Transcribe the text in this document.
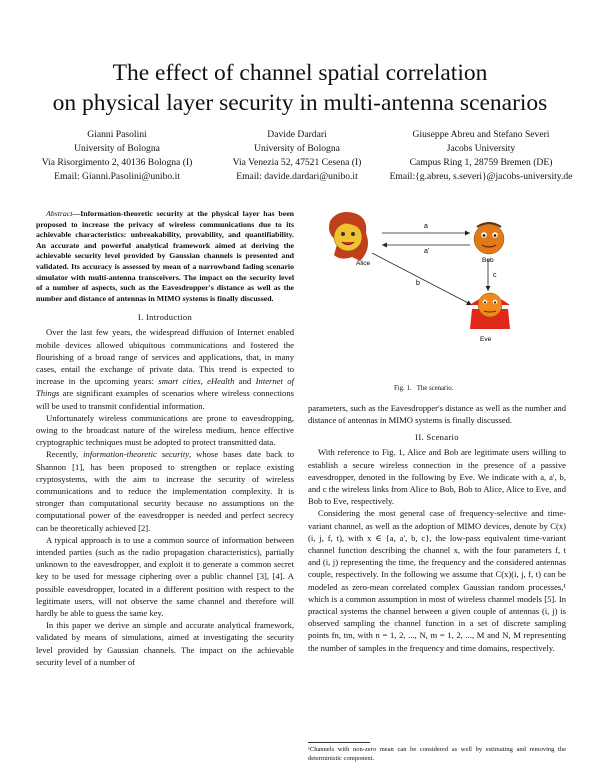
The effect of channel spatial correlation
on physical layer security in multi-antenna scenarios
Gianni Pasolini
University of Bologna
Via Risorgimento 2, 40136 Bologna (I)
Email: Gianni.Pasolini@unibo.it
Davide Dardari
University of Bologna
Via Venezia 52, 47521 Cesena (I)
Email: davide.dardari@unibo.it
Giuseppe Abreu and Stefano Severi
Jacobs University
Campus Ring 1, 28759 Bremen (DE)
Email:{g.abreu, s.severi}@jacobs-university.de
Abstract—Information-theoretic security at the physical layer has been proposed to increase the privacy of wireless communications due to its achievable characteristics: unbreakability, provability, and quantifiability. An accurate and powerful analytical framework aimed at deriving the achievable security level provided by Gaussian channels is presented and validated. Its accuracy is assessed by mean of a narrowband fading scenario simulator with multi-antenna transceivers. The impact on the security level of a number of aspects, such as the Eavesdropper's distance as well as the number and distance of antennas in MIMO systems is finally discussed.
I. Introduction

Over the last few years, the widespread diffusion of Internet enabled mobile devices allowed ubiquitous communications and fostered the flourishing of a broad range of services and applications, that, in many cases, entail the exchange of private data. This trend is expected to increase in the upcoming years: smart cities, eHealth and Internet of Things are significant examples of scenarios where wireless connections will be used to transmit confidential information.

Unfortunately wireless communications are prone to eavesdropping, owing to the broadcast nature of the wireless medium, hence effective cryptographic techniques must be adopted to protect transmitted data.

Recently, information-theoretic security, whose bases date back to Shannon [1], has been proposed to strengthen or replace existing cryptosystems, with the aim to increase the security of wireless communications and to reduce the implementation complexity. It is stronger than computational security because no assumptions on the computational power of the eavesdropper is needed and perfect secrecy can be theoretically achieved [2].

A typical approach is to use a common source of information between intended parties (such as the radio propagation characteristics), partially unknown to the eavesdropper, and exploit it to generate a common secret key to be used for message ciphering over a public channel [3], [4]. A possible eavesdropper, located in a different position with respect to the legitimate users, will not observe the same channel and therefore will hardly be able to guess the same key.

In this paper we derive an simple and accurate analytical framework, validated by means of simulations, aimed at investigating the security level provided by Gaussian channels. The impact on the achievable security level of a number of

a
a'
b
c
Alice	Bob
Eve
Fig. 1. The scenario.
parameters, such as the Eavesdropper's distance as well as the number and distance of antennas in MIMO systems is finally discussed.
II. Scenario

With reference to Fig. 1, Alice and Bob are legitimate users willing to establish a secure wireless connection in the presence of a passive eavesdropper, denoted in the following by Eve. We indicate with a, a', b, and c the wireless links from Alice to Bob, Bob to Alice, Alice to Eve, and Bob to Eve, respectively.

Considering the most general case of frequency-selective and time-variant channel, as well as the adoption of MIMO devices, denote by C(x)(i, j, f, t), with x ∈ {a, a', b, c}, the low-pass equivalent time-variant channel function describing the channel x, with the four parameters f, t and (i, j) representing the time, the frequency and the considered antennas couple, respectively. In the following we assume that C(x)(i, j, f, t) can be modeled as zero-mean correlated complex Gaussian random processes,¹ which is a common assumption in most of wireless channel models [5]. In practical systems the channel between a given couple of antennas (i, j) is observed sampling the channel function in a set of discrete sampling points fn, tm, with n = 1, 2, ..., N, m = 1, 2, ..., M and N, M representing the number of samples in the frequency and time domains, respectively.

¹Channels with non-zero mean can be considered as well by estimating and removing the deterministic component.
